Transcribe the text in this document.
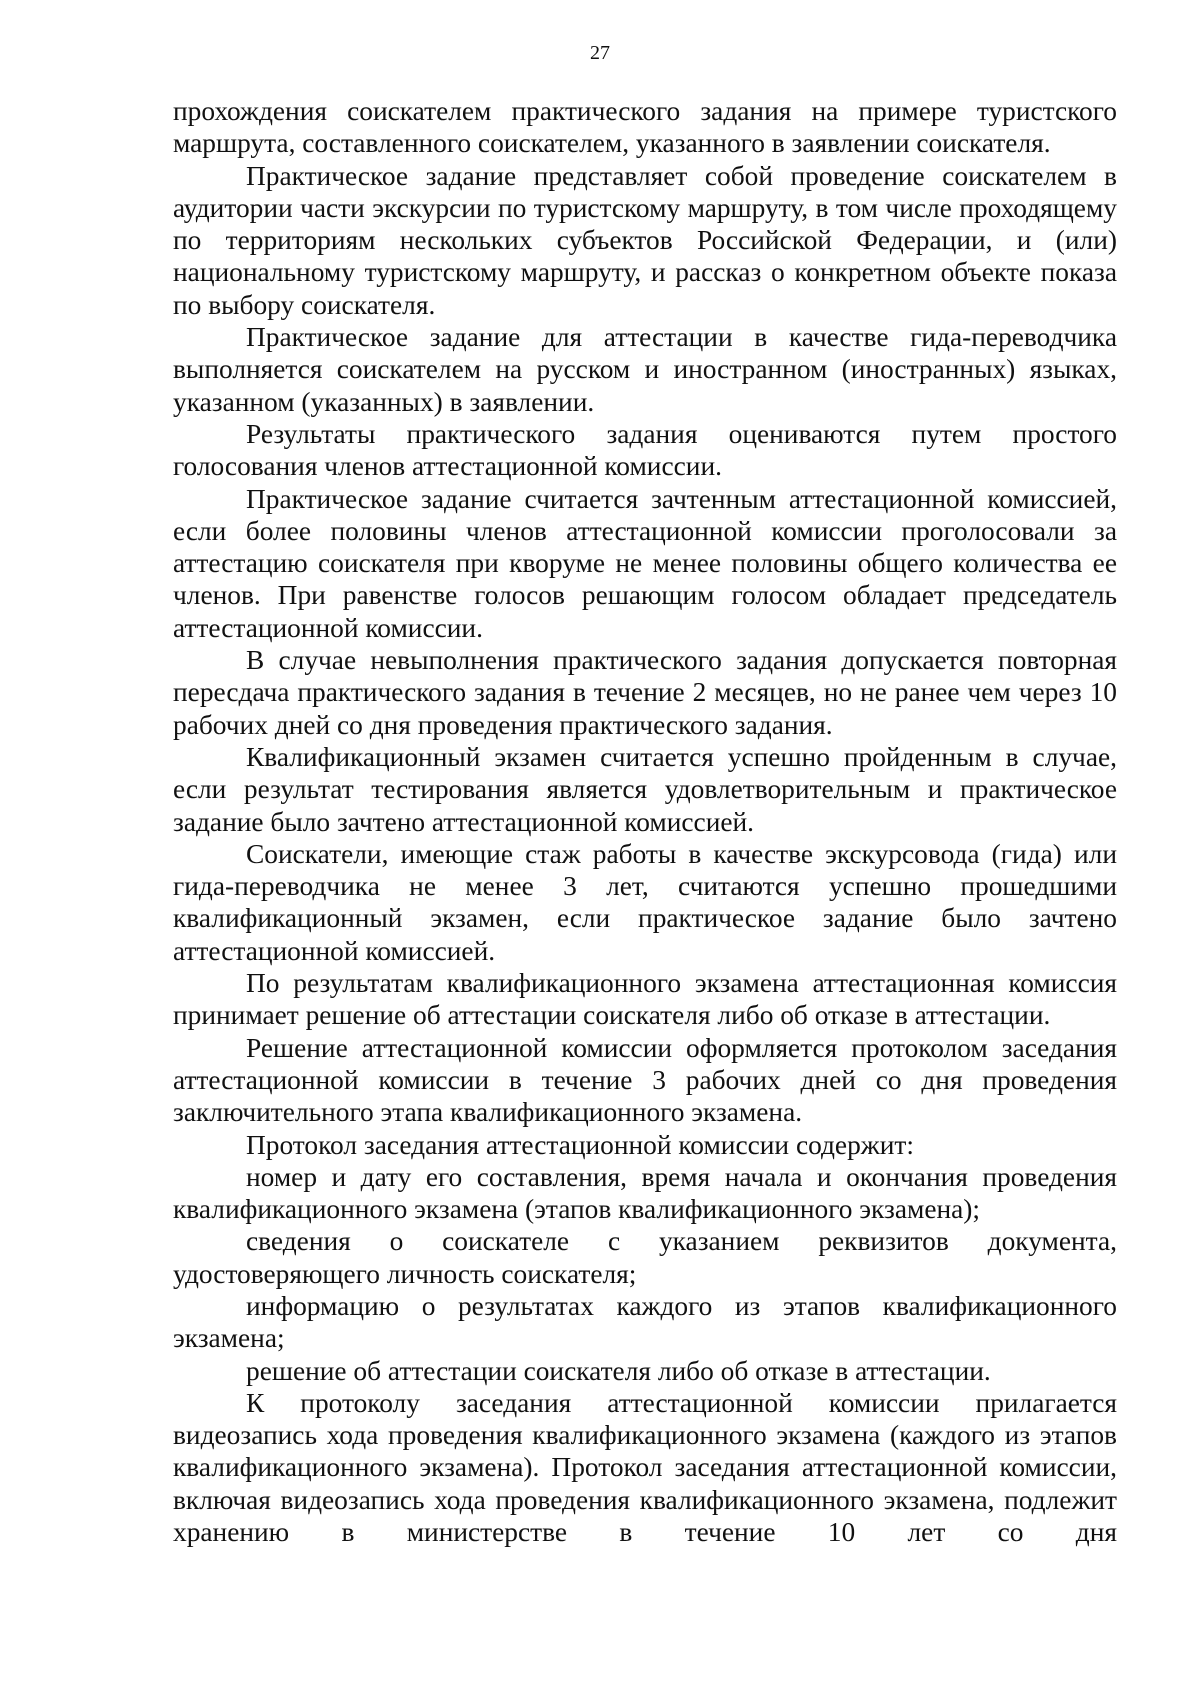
27

прохождения соискателем практического задания на примере туристского маршрута, составленного соискателем, указанного в заявлении соискателя.

Практическое задание представляет собой проведение соискателем в аудитории части экскурсии по туристскому маршруту, в том числе проходящему по территориям нескольких субъектов Российской Федерации, и (или) национальному туристскому маршруту, и рассказ о конкретном объекте показа по выбору соискателя.

Практическое задание для аттестации в качестве гида-переводчика выполняется соискателем на русском и иностранном (иностранных) языках, указанном (указанных) в заявлении.

Результаты практического задания оцениваются путем простого голосования членов аттестационной комиссии.

Практическое задание считается зачтенным аттестационной комиссией, если более половины членов аттестационной комиссии проголосовали за аттестацию соискателя при кворуме не менее половины общего количества ее членов. При равенстве голосов решающим голосом обладает председатель аттестационной комиссии.

В случае невыполнения практического задания допускается повторная пересдача практического задания в течение 2 месяцев, но не ранее чем через 10 рабочих дней со дня проведения практического задания.

Квалификационный экзамен считается успешно пройденным в случае, если результат тестирования является удовлетворительным и практическое задание было зачтено аттестационной комиссией.

Соискатели, имеющие стаж работы в качестве экскурсовода (гида) или гида-переводчика не менее 3 лет, считаются успешно прошедшими квалификационный экзамен, если практическое задание было зачтено аттестационной комиссией.

По результатам квалификационного экзамена аттестационная комиссия принимает решение об аттестации соискателя либо об отказе в аттестации.

Решение аттестационной комиссии оформляется протоколом заседания аттестационной комиссии в течение 3 рабочих дней со дня проведения заключительного этапа квалификационного экзамена.

Протокол заседания аттестационной комиссии содержит:

номер и дату его составления, время начала и окончания проведения квалификационного экзамена (этапов квалификационного экзамена);

сведения о соискателе с указанием реквизитов документа, удостоверяющего личность соискателя;

информацию о результатах каждого из этапов квалификационного экзамена;

решение об аттестации соискателя либо об отказе в аттестации.

К протоколу заседания аттестационной комиссии прилагается видеозапись хода проведения квалификационного экзамена (каждого из этапов квалификационного экзамена). Протокол заседания аттестационной комиссии, включая видеозапись хода проведения квалификационного экзамена, подлежит хранению в министерстве в течение 10 лет со дня
